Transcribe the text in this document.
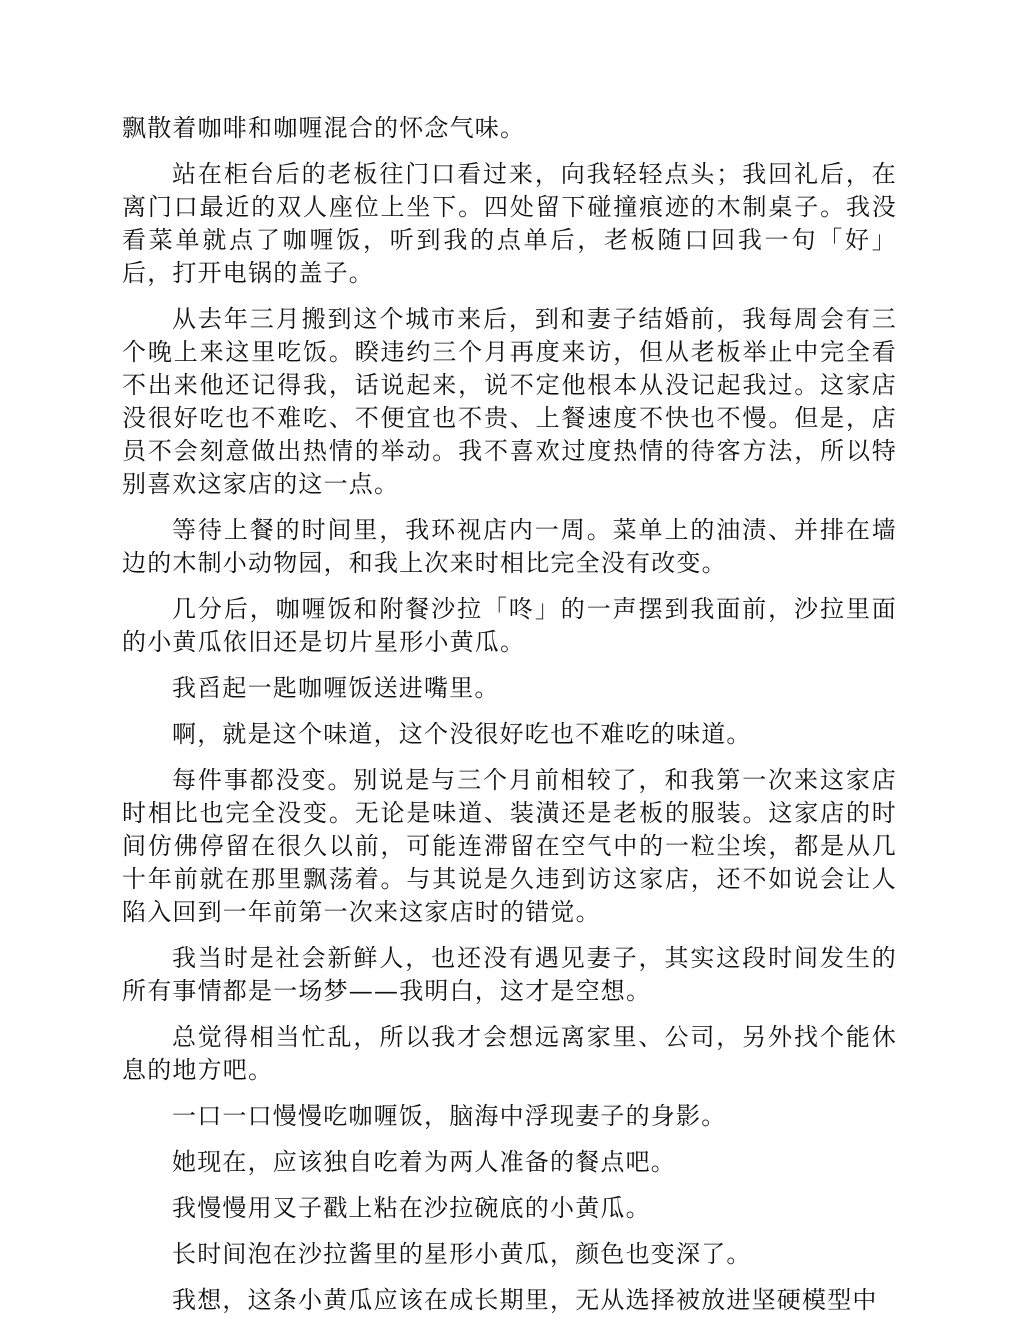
飘散着咖啡和咖喱混合的怀念气味。

站在柜台后的老板往门口看过来，向我轻轻点头；我回礼后，在离门口最近的双人座位上坐下。四处留下碰撞痕迹的木制桌子。我没看菜单就点了咖喱饭，听到我的点单后，老板随口回我一句「好」后，打开电锅的盖子。

从去年三月搬到这个城市来后，到和妻子结婚前，我每周会有三个晚上来这里吃饭。睽违约三个月再度来访，但从老板举止中完全看不出来他还记得我，话说起来，说不定他根本从没记起我过。这家店没很好吃也不难吃、不便宜也不贵、上餐速度不快也不慢。但是，店员不会刻意做出热情的举动。我不喜欢过度热情的待客方法，所以特别喜欢这家店的这一点。

等待上餐的时间里，我环视店内一周。菜单上的油渍、并排在墙边的木制小动物园，和我上次来时相比完全没有改变。

几分后，咖喱饭和附餐沙拉「咚」的一声摆到我面前，沙拉里面的小黄瓜依旧还是切片星形小黄瓜。

我舀起一匙咖喱饭送进嘴里。

啊，就是这个味道，这个没很好吃也不难吃的味道。

每件事都没变。别说是与三个月前相较了，和我第一次来这家店时相比也完全没变。无论是味道、装潢还是老板的服装。这家店的时间仿佛停留在很久以前，可能连滞留在空气中的一粒尘埃，都是从几十年前就在那里飘荡着。与其说是久违到访这家店，还不如说会让人陷入回到一年前第一次来这家店时的错觉。

我当时是社会新鲜人，也还没有遇见妻子，其实这段时间发生的所有事情都是一场梦——我明白，这才是空想。

总觉得相当忙乱，所以我才会想远离家里、公司，另外找个能休息的地方吧。

一口一口慢慢吃咖喱饭，脑海中浮现妻子的身影。

她现在，应该独自吃着为两人准备的餐点吧。

我慢慢用叉子戳上粘在沙拉碗底的小黄瓜。

长时间泡在沙拉酱里的星形小黄瓜，颜色也变深了。

我想，这条小黄瓜应该在成长期里，无从选择被放进坚硬模型中
